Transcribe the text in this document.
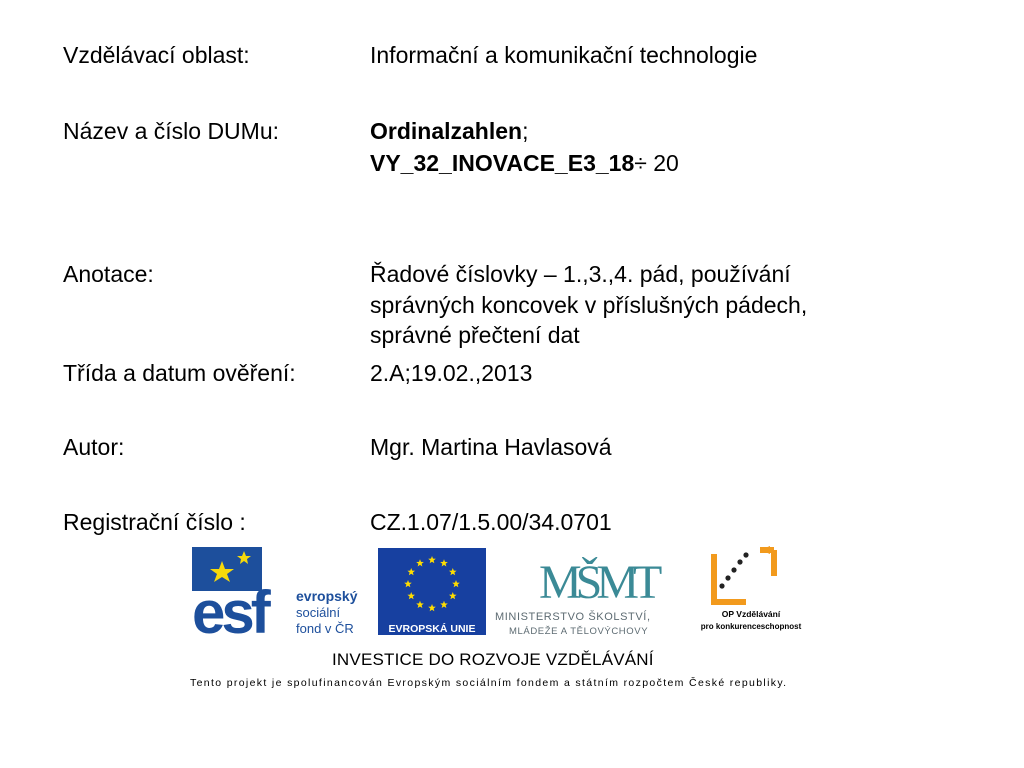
Vzdělávací oblast:	Informační a komunikační technologie
Název a číslo DUMu:	Ordinalzahlen;
VY_32_INOVACE_E3_18÷ 20
Anotace:	Řadové číslovky – 1.,3.,4. pád, používání
správných koncovek v příslušných pádech,
správné přečtení dat
Třída a datum ověření:	2.A;19.02.,2013
Autor:	Mgr. Martina Havlasová
Registrační číslo :	CZ.1.07/1.5.00/34.0701
esf	evropský
sociální
fond v ČR	EVROPSKÁ UNIE
MŠMT
MINISTERSTVO ŠKOLSTVÍ,
MLÁDEŽE A TĚLOVÝCHOVY
OP Vzdělávání
pro konkurenceschopnost
INVESTICE DO ROZVOJE VZDĚLÁVÁNÍ
Tento projekt je spolufinancován Evropským sociálním fondem a státním rozpočtem České republiky.
